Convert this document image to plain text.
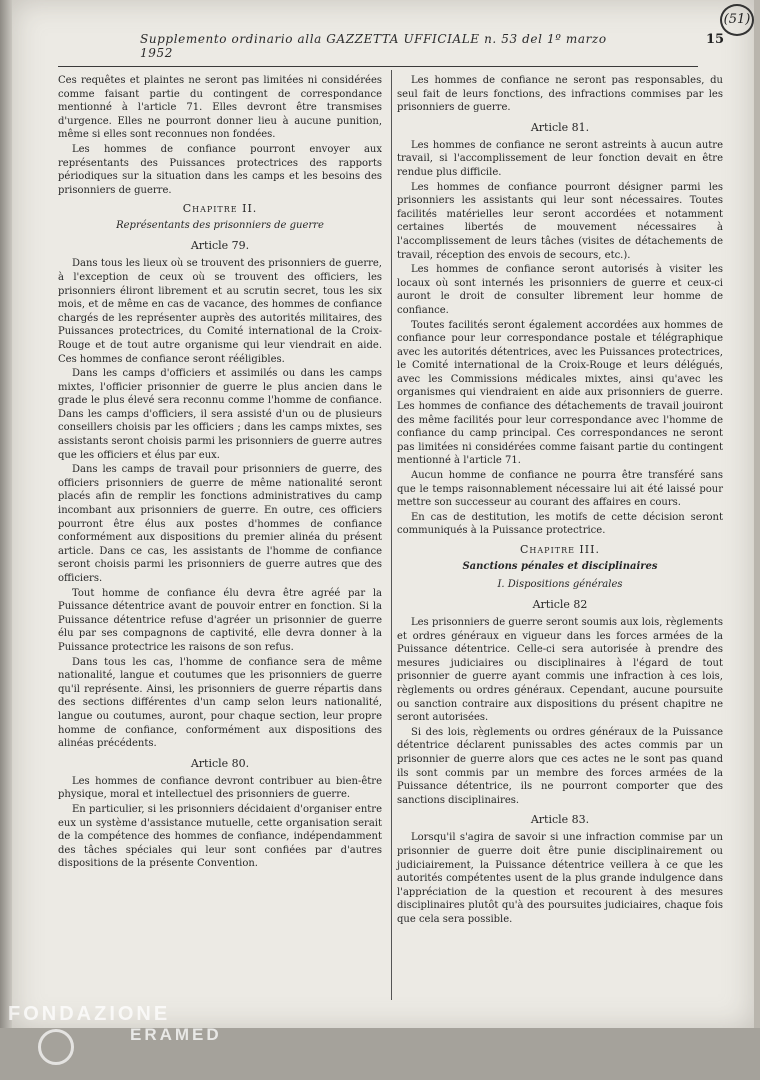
Supplemento ordinario alla GAZZETTA UFFICIALE n. 53 del 1º marzo 1952
15
(51)

Ces requêtes et plaintes ne seront pas limitées ni considérées comme faisant partie du contingent de correspondance mentionné à l'article 71. Elles devront être transmises d'urgence. Elles ne pourront donner lieu à aucune punition, même si elles sont reconnues non fondées.

Les hommes de confiance pourront envoyer aux représentants des Puissances protectrices des rapports périodiques sur la situation dans les camps et les besoins des prisonniers de guerre.

Chapitre II.
Représentants des prisonniers de guerre
Article 79.

Dans tous les lieux où se trouvent des prisonniers de guerre, à l'exception de ceux où se trouvent des officiers, les prisonniers éliront librement et au scrutin secret, tous les six mois, et de même en cas de vacance, des hommes de confiance chargés de les représenter auprès des autorités militaires, des Puissances protectrices, du Comité international de la Croix-Rouge et de tout autre organisme qui leur viendrait en aide. Ces hommes de confiance seront rééligibles.

Dans les camps d'officiers et assimilés ou dans les camps mixtes, l'officier prisonnier de guerre le plus ancien dans le grade le plus élevé sera reconnu comme l'homme de confiance. Dans les camps d'officiers, il sera assisté d'un ou de plusieurs conseillers choisis par les officiers ; dans les camps mixtes, ses assistants seront choisis parmi les prisonniers de guerre autres que les officiers et élus par eux.

Dans les camps de travail pour prisonniers de guerre, des officiers prisonniers de guerre de même nationalité seront placés afin de remplir les fonctions administratives du camp incombant aux prisonniers de guerre. En outre, ces officiers pourront être élus aux postes d'hommes de confiance conformément aux dispositions du premier alinéa du présent article. Dans ce cas, les assistants de l'homme de confiance seront choisis parmi les prisonniers de guerre autres que des officiers.

Tout homme de confiance élu devra être agréé par la Puissance détentrice avant de pouvoir entrer en fonction. Si la Puissance détentrice refuse d'agréer un prisonnier de guerre élu par ses compagnons de captivité, elle devra donner à la Puissance protectrice les raisons de son refus.

Dans tous les cas, l'homme de confiance sera de même nationalité, langue et coutumes que les prisonniers de guerre qu'il représente. Ainsi, les prisonniers de guerre répartis dans des sections différentes d'un camp selon leurs nationalité, langue ou coutumes, auront, pour chaque section, leur propre homme de confiance, conformément aux dispositions des alinéas précédents.

Article 80.

Les hommes de confiance devront contribuer au bien-être physique, moral et intellectuel des prisonniers de guerre.

En particulier, si les prisonniers décidaient d'organiser entre eux un système d'assistance mutuelle, cette organisation serait de la compétence des hommes de confiance, indépendamment des tâches spéciales qui leur sont confiées par d'autres dispositions de la présente Convention.

Les hommes de confiance ne seront pas responsables, du seul fait de leurs fonctions, des infractions commises par les prisonniers de guerre.

Article 81.

Les hommes de confiance ne seront astreints à aucun autre travail, si l'accomplissement de leur fonction devait en être rendue plus difficile.

Les hommes de confiance pourront désigner parmi les prisonniers les assistants qui leur sont nécessaires. Toutes facilités matérielles leur seront accordées et notamment certaines libertés de mouvement nécessaires à l'accomplissement de leurs tâches (visites de détachements de travail, réception des envois de secours, etc.).

Les hommes de confiance seront autorisés à visiter les locaux où sont internés les prisonniers de guerre et ceux-ci auront le droit de consulter librement leur homme de confiance.

Toutes facilités seront également accordées aux hommes de confiance pour leur correspondance postale et télégraphique avec les autorités détentrices, avec les Puissances protectrices, le Comité international de la Croix-Rouge et leurs délégués, avec les Commissions médicales mixtes, ainsi qu'avec les organismes qui viendraient en aide aux prisonniers de guerre. Les hommes de confiance des détachements de travail jouiront des même facilités pour leur correspondance avec l'homme de confiance du camp principal. Ces correspondances ne seront pas limitées ni considérées comme faisant partie du contingent mentionné à l'article 71.

Aucun homme de confiance ne pourra être transféré sans que le temps raisonnablement nécessaire lui ait été laissé pour mettre son successeur au courant des affaires en cours.

En cas de destitution, les motifs de cette décision seront communiqués à la Puissance protectrice.

Chapitre III.
Sanctions pénales et disciplinaires
I. Dispositions générales
Article 82

Les prisonniers de guerre seront soumis aux lois, règlements et ordres généraux en vigueur dans les forces armées de la Puissance détentrice. Celle-ci sera autorisée à prendre des mesures judiciaires ou disciplinaires à l'égard de tout prisonnier de guerre ayant commis une infraction à ces lois, règlements ou ordres généraux. Cependant, aucune poursuite ou sanction contraire aux dispositions du présent chapitre ne seront autorisées.

Si des lois, règlements ou ordres généraux de la Puissance détentrice déclarent punissables des actes commis par un prisonnier de guerre alors que ces actes ne le sont pas quand ils sont commis par un membre des forces armées de la Puissance détentrice, ils ne pourront comporter que des sanctions disciplinaires.

Article 83.

Lorsqu'il s'agira de savoir si une infraction commise par un prisonnier de guerre doit être punie disciplinairement ou judiciairement, la Puissance détentrice veillera à ce que les autorités compétentes usent de la plus grande indulgence dans l'appréciation de la question et recourent à des mesures disciplinaires plutôt qu'à des poursuites judiciaires, chaque fois que cela sera possible.

FONDAZIONE
ERAMED
